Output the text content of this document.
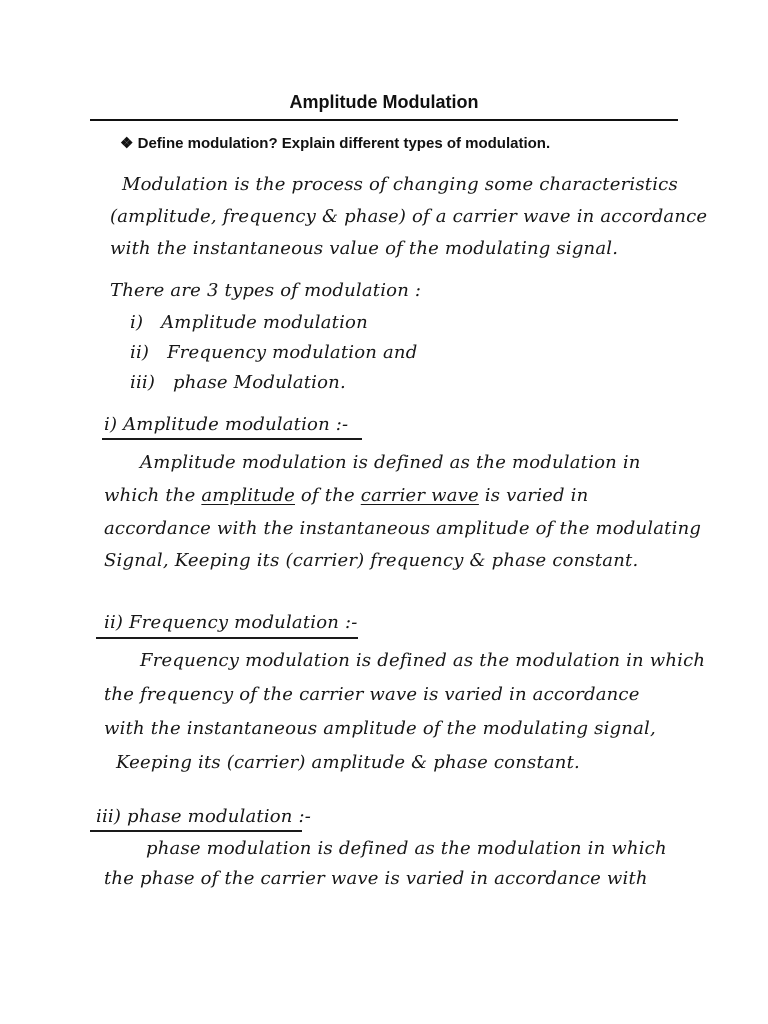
Amplitude Modulation
❖ Define modulation? Explain different types of modulation.
Modulation is the process of changing some characteristics
(amplitude, frequency & phase) of a carrier wave in accordance
with the instantaneous value of the modulating signal.
There are 3 types of modulation :
i) Amplitude modulation
ii) Frequency modulation and
iii) phase Modulation.
i) Amplitude modulation :-
Amplitude modulation is defined as the modulation in
which the amplitude of the carrier wave is varied in
accordance with the instantaneous amplitude of the modulating
Signal, Keeping its (carrier) frequency & phase constant.
ii) Frequency modulation :-
Frequency modulation is defined as the modulation in which
the frequency of the carrier wave is varied in accordance
with the instantaneous amplitude of the modulating signal,
Keeping its (carrier) amplitude & phase constant.
iii) phase modulation :-
phase modulation is defined as the modulation in which
the phase of the carrier wave is varied in accordance with
